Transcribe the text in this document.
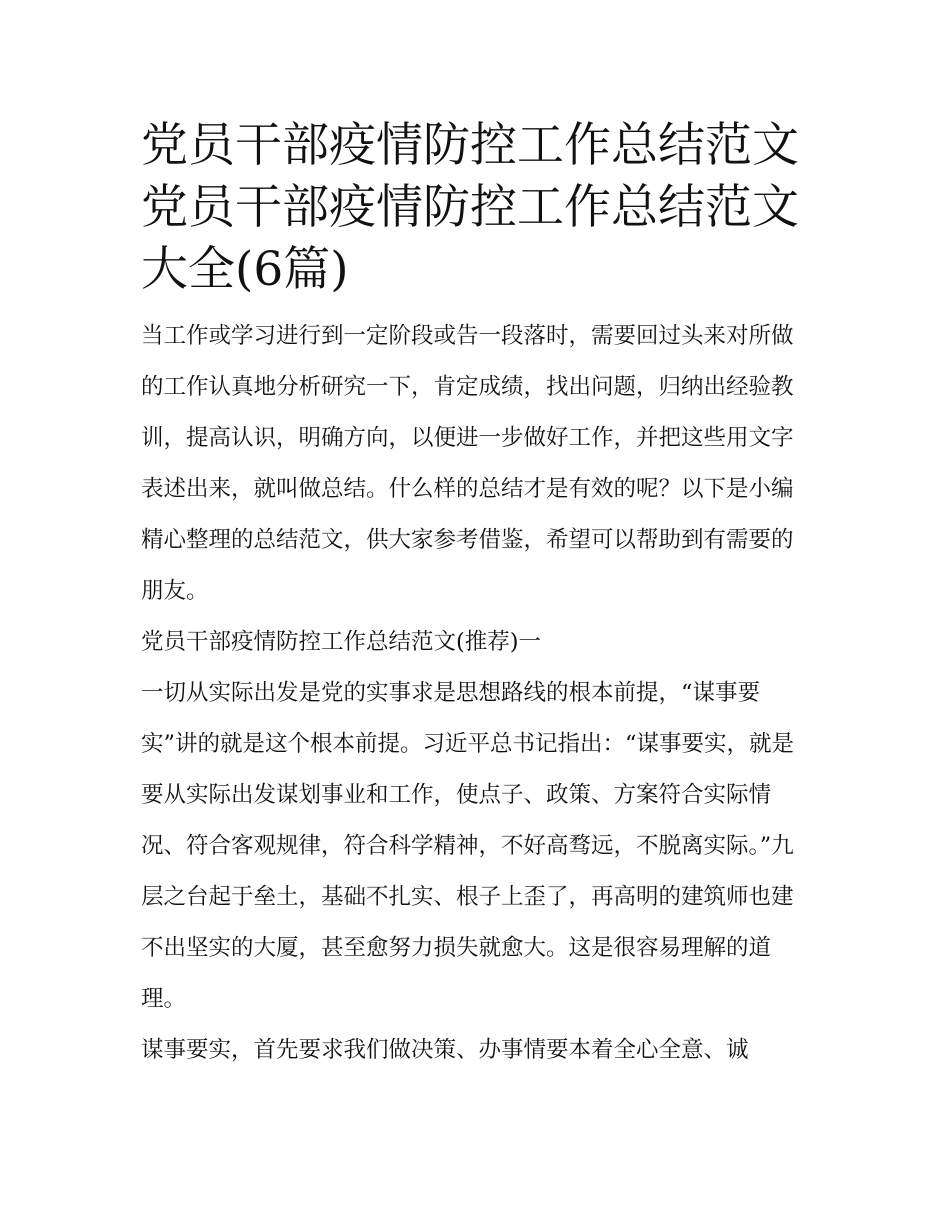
党员干部疫情防控工作总结范文 党员干部疫情防控工作总结范文大全(6篇)

当工作或学习进行到一定阶段或告一段落时，需要回过头来对所做的工作认真地分析研究一下，肯定成绩，找出问题，归纳出经验教训，提高认识，明确方向，以便进一步做好工作，并把这些用文字表述出来，就叫做总结。什么样的总结才是有效的呢？以下是小编精心整理的总结范文，供大家参考借鉴，希望可以帮助到有需要的朋友。

党员干部疫情防控工作总结范文(推荐)一

一切从实际出发是党的实事求是思想路线的根本前提，“谋事要实”讲的就是这个根本前提。习近平总书记指出：“谋事要实，就是要从实际出发谋划事业和工作，使点子、政策、方案符合实际情况、符合客观规律，符合科学精神，不好高骛远，不脱离实际。”九层之台起于垒土，基础不扎实、根子上歪了，再高明的建筑师也建不出坚实的大厦，甚至愈努力损失就愈大。这是很容易理解的道理。

谋事要实，首先要求我们做决策、办事情要本着全心全意、诚
